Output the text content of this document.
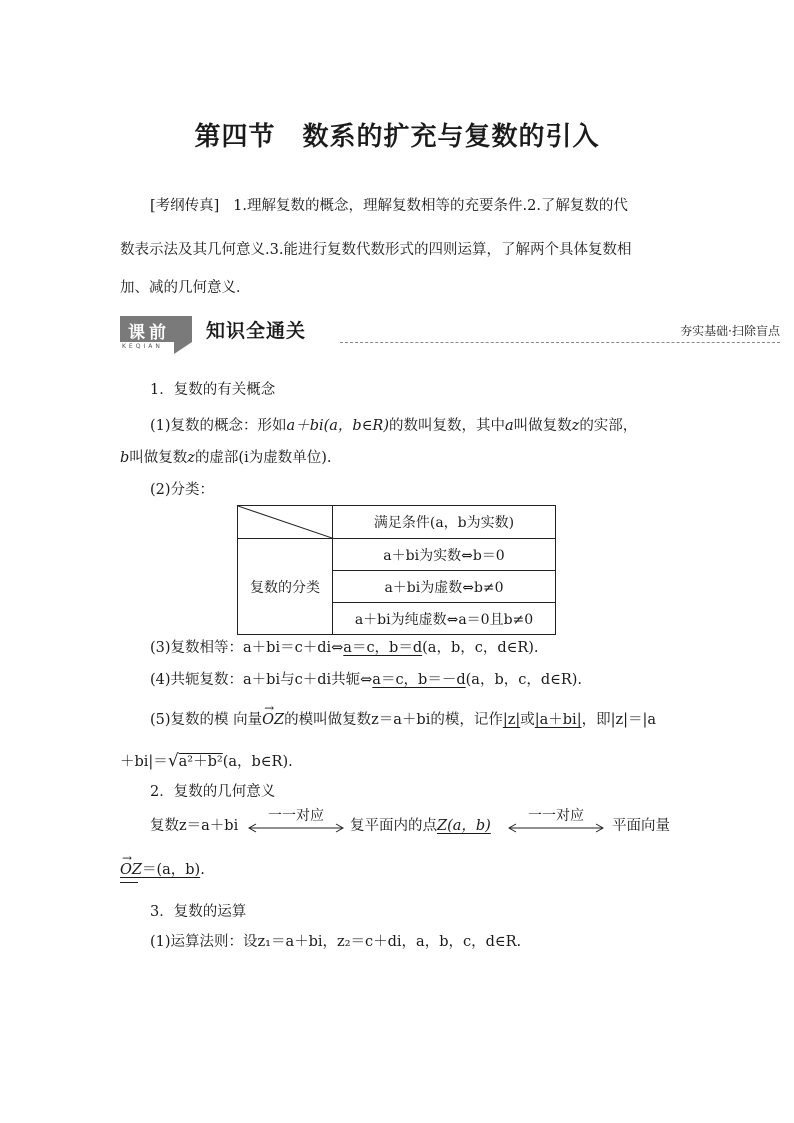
第四节　数系的扩充与复数的引入
[考纲传真] 1.理解复数的概念，理解复数相等的充要条件.2.了解复数的代
数表示法及其几何意义.3.能进行复数代数形式的四则运算，了解两个具体复数相
加、减的几何意义．
课前
KEQIAN
知识全通关	夯实基础·扫除盲点
1．复数的有关概念
(1)复数的概念：形如a＋bi(a，b∈R)的数叫复数，其中a叫做复数z的实部，
b叫做复数z的虚部(i为虚数单位).
(2)分类：
	满足条件(a，b为实数)
复数的分类	a＋bi为实数⇔b＝0
	a＋bi为虚数⇔b≠0
	a＋bi为纯虚数⇔a＝0且b≠0
(3)复数相等：a＋bi＝c＋di⇔a＝c，b＝d(a，b，c，d∈R).
(4)共轭复数：a＋bi与c＋di共轭⇔a＝c，b＝－d(a，b，c，d∈R).
(5)复数的模 向量
→
OZ的模叫做复数z＝a＋bi的模，记作|z|或|a＋bi|，即|z|＝|a
＋bi|＝√a²＋b²(a，b∈R).
2．复数的几何意义
复数z＝a＋bi
一一对应
复平面内的点Z(a，b)
一一对应
平面向量
→
OZ＝(a，b).
3．复数的运算
(1)运算法则：设z₁＝a＋bi，z₂＝c＋di，a，b，c，d∈R.
